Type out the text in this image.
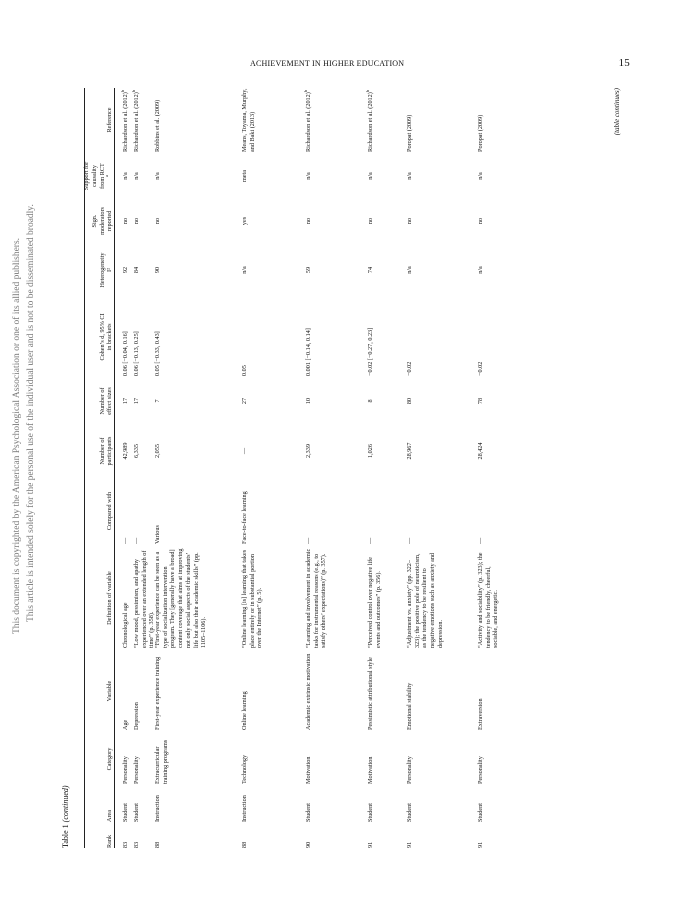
ACHIEVEMENT IN HIGHER EDUCATION	15
This document is copyrighted by the American Psychological Association or one of its allied publishers. This article is intended solely for the personal use of the individual user and is not to be disseminated broadly.
Table 1 (continued)
Rank
Area
Category
Variable
Definition of variable
Compared with
Number of participants
Number of effect sizes
Cohen’s d, 95% CI in brackets
Heterogeneity I²
Sign. moderators reported
Support for causality from RCT
$^a$
Reference
83
Student
Personality
Age
Chronological age
—
42,989
17
0.06 [−0.04, 0.16]
92
no
n/a
Richardson et al. $(2012)^b$
83
Student
Personality
Depression
“Low mood, pessimism, and apathy experienced over an extended length of time” (p. 358).
—
6,335
17
0.06 [−0.13, 0.25]
84
no
n/a
Richardson et al. $(2012)^b$
88
Instruction
Extracurricular training programs
First-year experience training
“First-year experience can be seen as a type of socialization intervention program. They [generally have a broad] content coverage that aims at improving not only social aspects of the students’ life but also their academic skills” (pp. 1105–1106).
Various
2,055
7
0.05 [−0.33, 0.43]
90
no
n/a
Robbins et al. (2009)
88
Instruction
Technology
Online learning
“Online learning [is] learning that takes place entirely or in substantial portion over the Internet” (p. 5).
Face-to-face learning
—
27
0.05
n/a
yes
meta
Means, Toyama, Murphy, and Baki (2013)
90
Student
Motivation
Academic extrinsic motivation
“Learning and involvement in academic tasks for instrumental reasons (e.g., to satisfy others’ expectations)” (p. 357).
—
2,339
10
0.001 [−0.14, 0.14]
59
no
n/a
Richardson et al. $(2012)^b$
91
Student
Motivation
Pessimistic attributional style
“Perceived control over negative life events and outcomes” (p. 356).
—
1,026
8
−0.02 [−0.27, 0.23]
74
no
n/a
Richardson et al. $(2012)^b$
91
Student
Personality
Emotional stability
“Adjustment vs. anxiety” (pp. 322–323); the positive pole of neuroticism, as the tendency to be resilient to negative emotions such as anxiety and depression.
—
28,967
80
−0.02
n/a
no
n/a
Poropat (2009)
91
Student
Personality
Extraversion
“Activity and sociability” (p. 323); the tendency to be friendly, cheerful, sociable, and energetic.
—
28,424
78
−0.02
n/a
no
n/a
Poropat (2009)	(table continues)
